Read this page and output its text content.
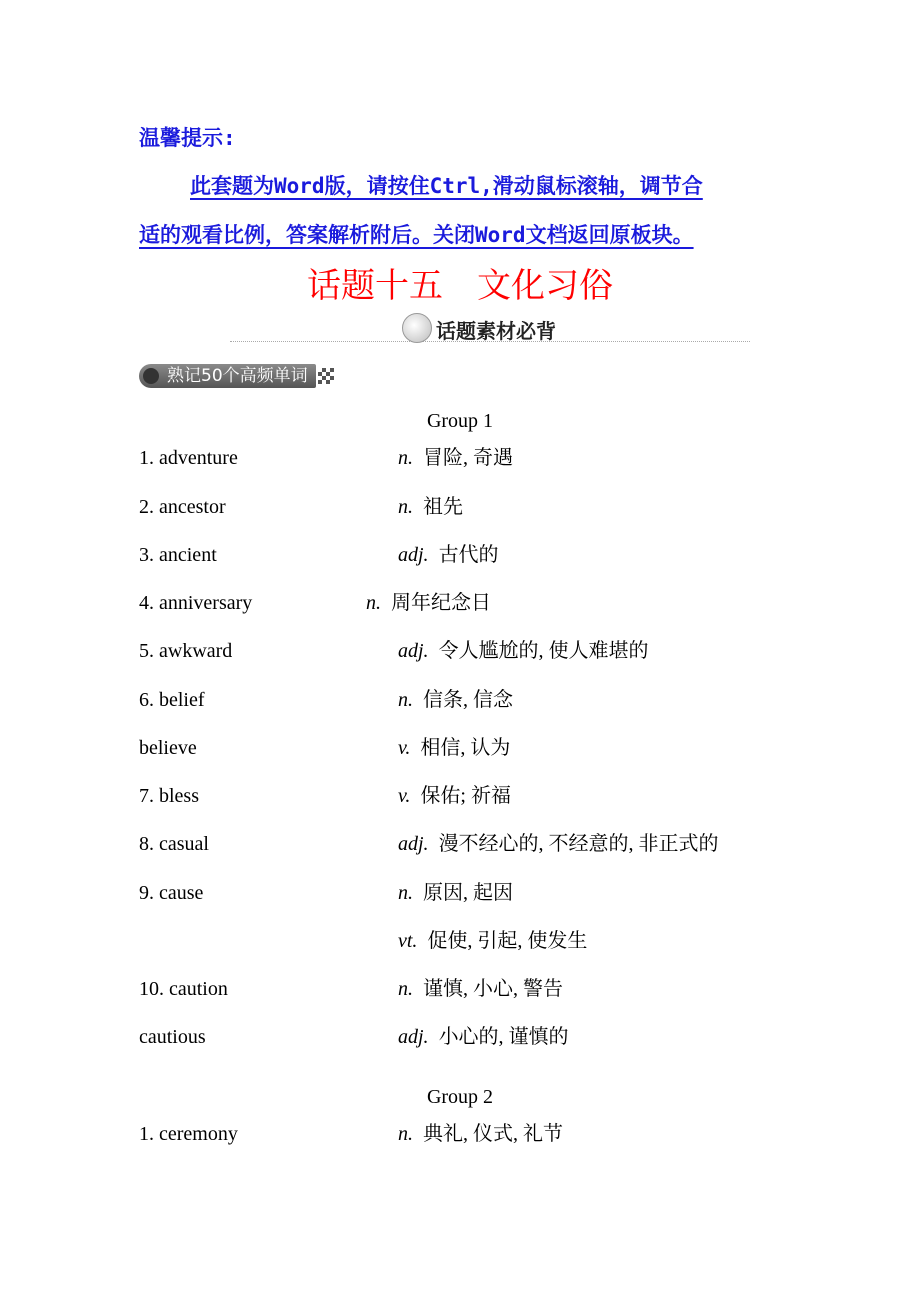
温馨提示:
此套题为Word版，请按住Ctrl,滑动鼠标滚轴，调节合
适的观看比例，答案解析附后。关闭Word文档返回原板块。
话题十五　文化习俗
话题素材必背
熟记50个高频单词
Group 1
1. adventure	n. 冒险, 奇遇
2. ancestor	n. 祖先
3. ancient	adj. 古代的
4. anniversary	n. 周年纪念日
5. awkward	adj. 令人尴尬的, 使人难堪的
6. belief	n. 信条, 信念
believe	v. 相信, 认为
7. bless	v. 保佑; 祈福
8. casual	adj. 漫不经心的, 不经意的, 非正式的
9. cause	n. 原因, 起因
vt. 促使, 引起, 使发生
10. caution	n. 谨慎, 小心, 警告
cautious	adj. 小心的, 谨慎的
Group 2
1. ceremony	n. 典礼, 仪式, 礼节
